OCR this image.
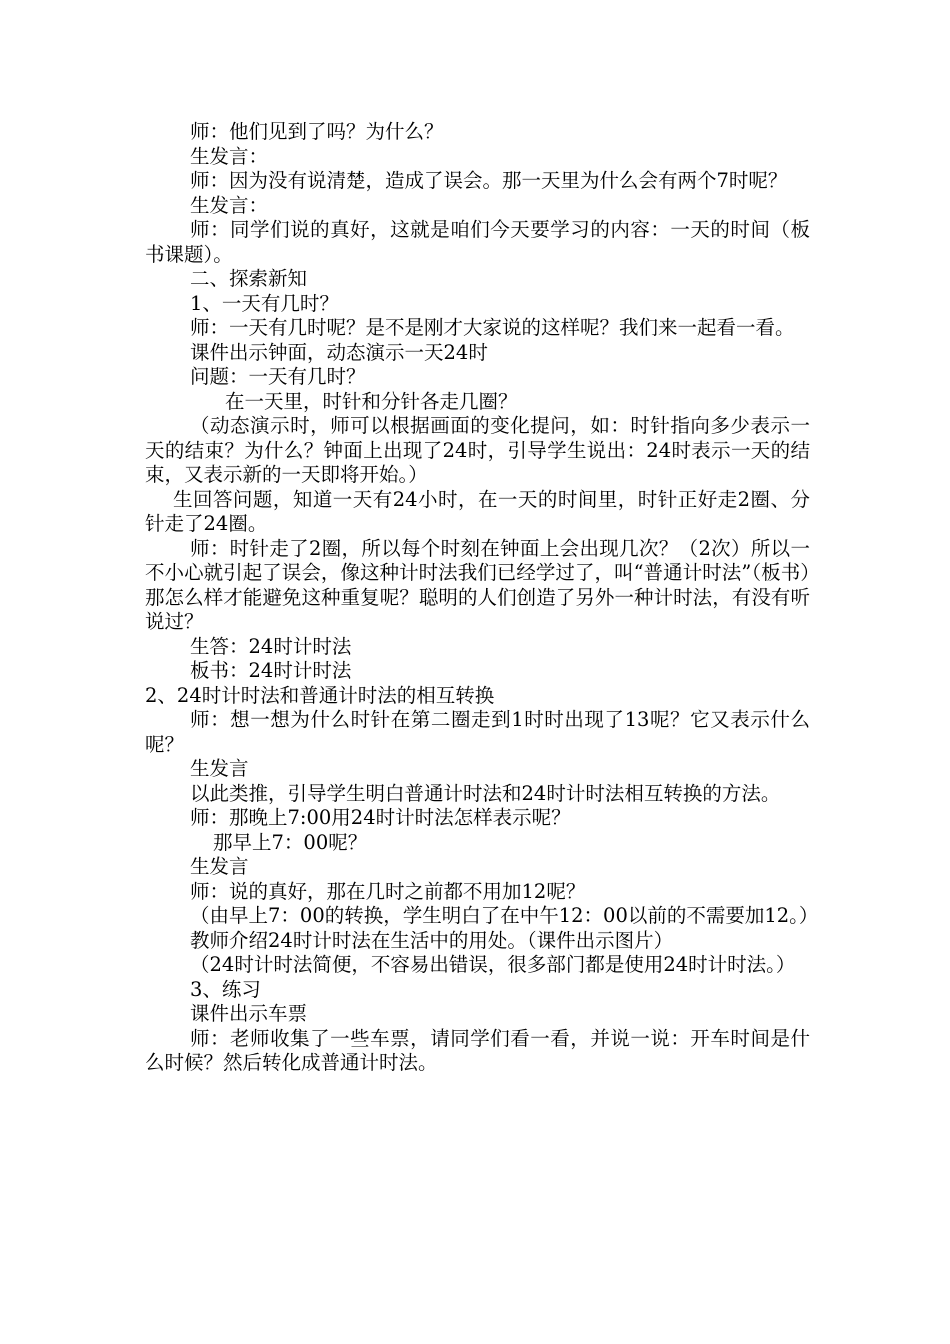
师：他们见到了吗？为什么？

生发言：

师：因为没有说清楚，造成了误会。那一天里为什么会有两个7时呢？

生发言：

师：同学们说的真好，这就是咱们今天要学习的内容：一天的时间（板书课题）。

二、探索新知

1、一天有几时？

师：一天有几时呢？是不是刚才大家说的这样呢？我们来一起看一看。

课件出示钟面，动态演示一天24时

问题：一天有几时？

在一天里，时针和分针各走几圈？

（动态演示时，师可以根据画面的变化提问，如：时针指向多少表示一天的结束？为什么？钟面上出现了24时，引导学生说出：24时表示一天的结束，又表示新的一天即将开始。）

生回答问题，知道一天有24小时，在一天的时间里，时针正好走2圈、分针走了24圈。

师：时针走了2圈，所以每个时刻在钟面上会出现几次？（2次）所以一不小心就引起了误会，像这种计时法我们已经学过了，叫“普通计时法”（板书）那怎么样才能避免这种重复呢？聪明的人们创造了另外一种计时法，有没有听说过？

生答：24时计时法

板书：24时计时法

2、24时计时法和普通计时法的相互转换

师：想一想为什么时针在第二圈走到1时时出现了13呢？它又表示什么呢？

生发言

以此类推，引导学生明白普通计时法和24时计时法相互转换的方法。

师：那晚上7:00用24时计时法怎样表示呢？

那早上7：00呢？

生发言

师：说的真好，那在几时之前都不用加12呢？

（由早上7：00的转换，学生明白了在中午12：00以前的不需要加12。）

教师介绍24时计时法在生活中的用处。（课件出示图片）

（24时计时法简便，不容易出错误，很多部门都是使用24时计时法。）

3、练习

课件出示车票

师：老师收集了一些车票，请同学们看一看，并说一说：开车时间是什么时候？然后转化成普通计时法。
